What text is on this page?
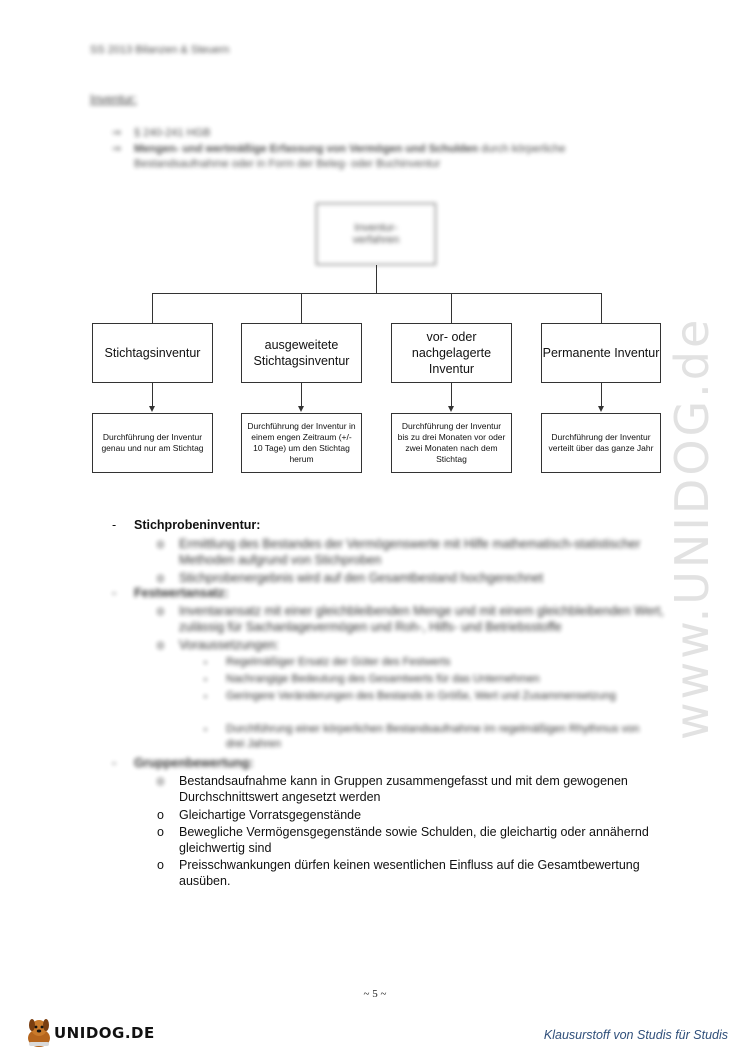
SS 2013 Bilanzen & Steuern
Inventur:
⇒ § 240-241 HGB
⇒ Mengen- und wertmäßige Erfassung von Vermögen und Schulden durch körperliche Bestandsaufnahme oder in Form der Beleg- oder Buchinventur
Inventur-
verfahren
Stichtagsinventur
ausgeweitete Stichtagsinventur
vor- oder nachgelagerte Inventur
Permanente Inventur
Durchführung der Inventur genau und nur am Stichtag
Durchführung der Inventur in einem engen Zeitraum (+/- 10 Tage) um den Stichtag herum
Durchführung der Inventur bis zu drei Monaten vor oder zwei Monaten nach dem Stichtag
Durchführung der Inventur verteilt über das ganze Jahr www.UNIDOG.de
- Stichprobeninventur:
o Ermittlung des Bestandes der Vermögenswerte mit Hilfe mathematisch-statistischer Methoden aufgrund von Stichproben
o Stichprobenergebnis wird auf den Gesamtbestand hochgerechnet
- Festwertansatz:
o Inventaransatz mit einer gleichbleibenden Menge und mit einem gleichbleibenden Wert, zulässig für Sachanlagevermögen und Roh-, Hilfs- und Betriebsstoffe
o Voraussetzungen:
▪ Regelmäßiger Ersatz der Güter des Festwerts
▪ Nachrangige Bedeutung des Gesamtwerts für das Unternehmen
▪ Geringere Veränderungen des Bestands in Größe, Wert und Zusammensetzung
▪ Durchführung einer körperlichen Bestandsaufnahme im regelmäßigen Rhythmus von drei Jahren
- Gruppenbewertung:
o Bestandsaufnahme kann in Gruppen zusammengefasst und mit dem gewogenen Durchschnittswert angesetzt werden
o Gleichartige Vorratsgegenstände
o Bewegliche Vermögensgegenstände sowie Schulden, die gleichartig oder annähernd gleichwertig sind
o Preisschwankungen dürfen keinen wesentlichen Einfluss auf die Gesamtbewertung ausüben.
~ 5 ~
UNIDOG.DE	Klausurstoff von Studis für Studis
